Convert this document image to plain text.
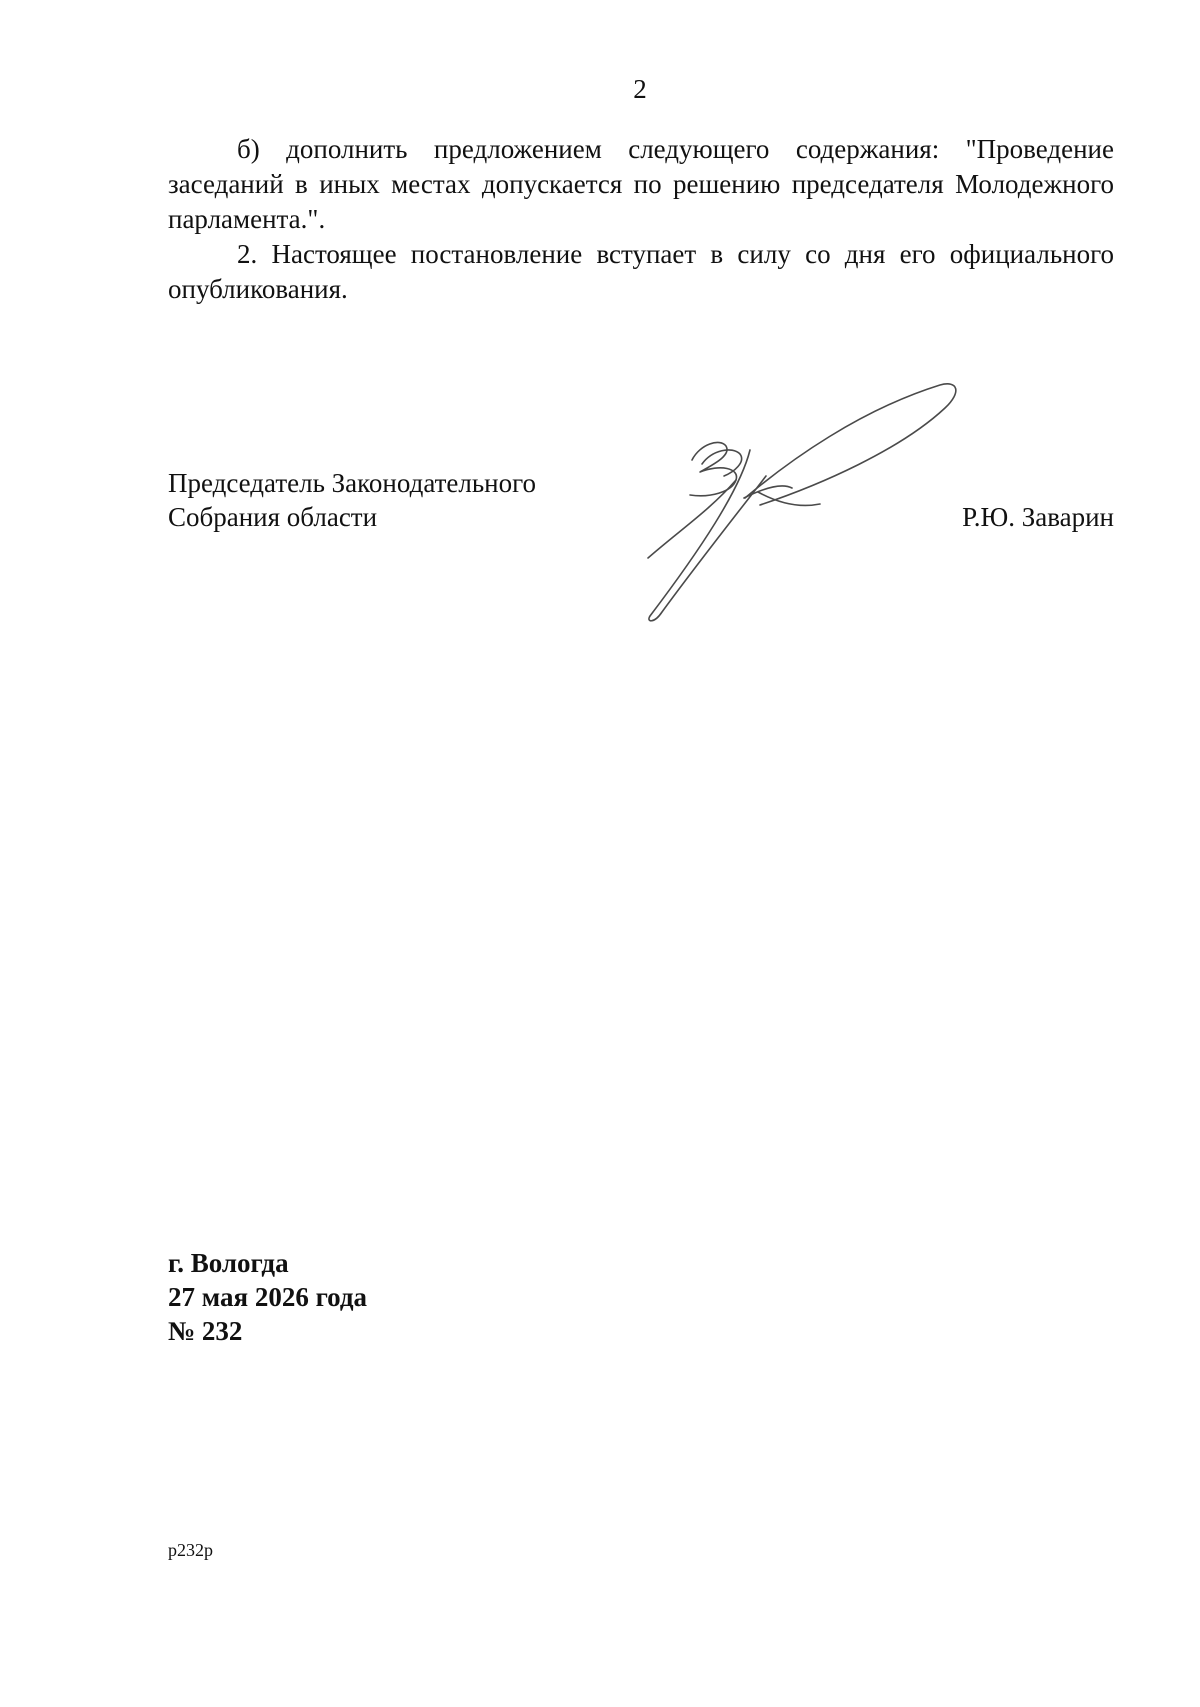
2

б) дополнить предложением следующего содержания: "Проведение заседаний в иных местах допускается по решению председателя Молодежного парламента.".

2. Настоящее постановление вступает в силу со дня его официального опубликования.

Председатель Законодательного
Собрания области	Р.Ю. Заварин
г. Вологда
27 мая 2026 года
№ 232
р232р
